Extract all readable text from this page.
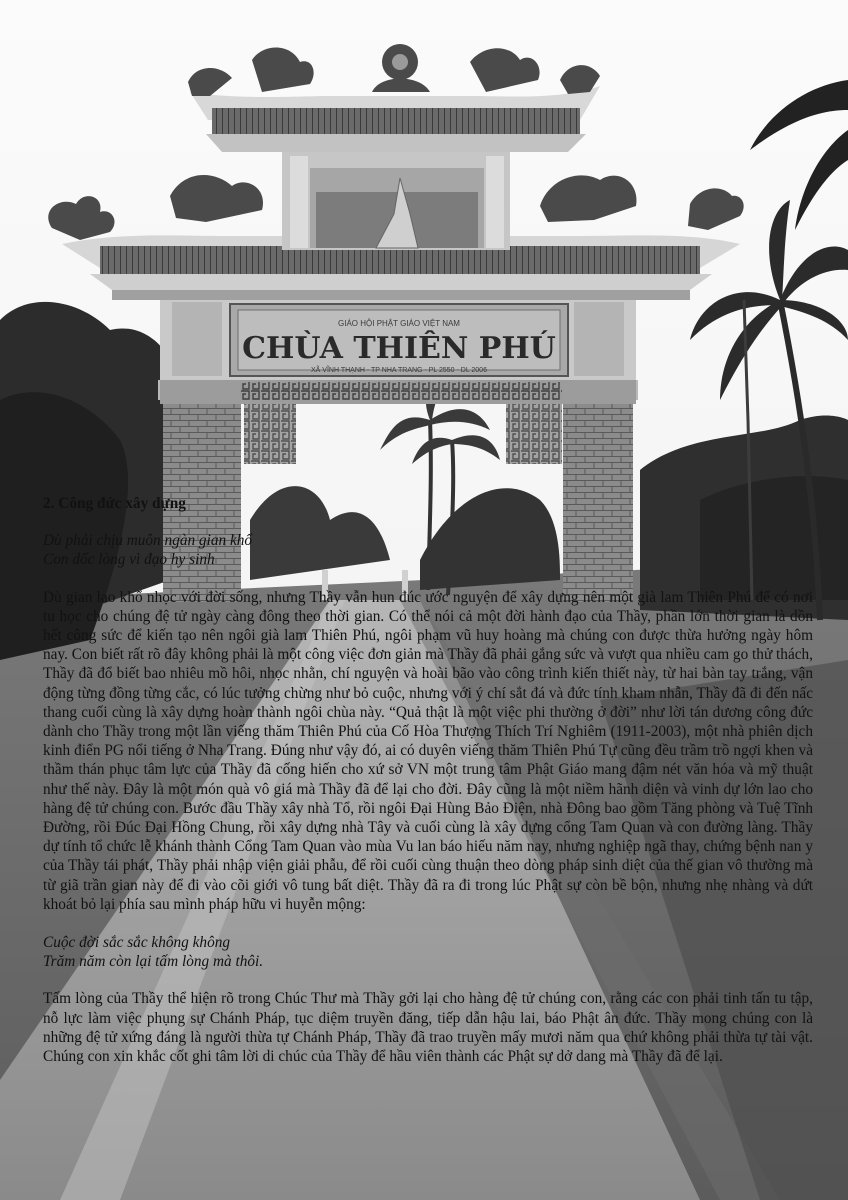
GIÁO HỘI PHẬT GIÁO VIỆT NAM
CHÙA THIÊN PHÚ
XÃ VĨNH THẠNH - TP NHA TRANG - PL 2550 - DL 2006
2. Công đức xây dựng
Dù phải chịu muôn ngàn gian khổ
Con dốc lòng vì đạo hy sinh

Dù gian lao khổ nhọc với đời sống, nhưng Thầy vẫn hun đúc ước nguyện để xây dựng nên một già lam Thiên Phú để có nơi tu học cho chúng đệ tử ngày càng đông theo thời gian. Có thể nói cả một đời hành đạo của Thầy, phần lớn thời gian là dồn hết công sức để kiến tạo nên ngôi già lam Thiên Phú, ngôi phạm vũ huy hoàng mà chúng con được thừa hưởng ngày hôm nay. Con biết rất rõ đây không phải là một công việc đơn giản mà Thầy đã phải gắng sức và vượt qua nhiều cam go thử thách, Thầy đã đổ biết bao nhiêu mồ hôi, nhọc nhằn, chí nguyện và hoài bão vào công trình kiến thiết này, từ hai bàn tay trắng, vận động từng đồng từng cắc, có lúc tưởng chừng như bỏ cuộc, nhưng với ý chí sắt đá và đức tính kham nhẫn, Thầy đã đi đến nấc thang cuối cùng là xây dựng hoàn thành ngôi chùa này. “Quả thật là một việc phi thường ở đời” như lời tán dương công đức dành cho Thầy trong một lần viếng thăm Thiên Phú của Cố Hòa Thượng Thích Trí Nghiêm (1911-2003), một nhà phiên dịch kinh điển PG nổi tiếng ở Nha Trang. Đúng như vậy đó, ai có duyên viếng thăm Thiên Phú Tự cũng đều trầm trồ ngợi khen và thầm thán phục tâm lực của Thầy đã cống hiến cho xứ sở VN một trung tâm Phật Giáo mang đậm nét văn hóa và mỹ thuật như thế này. Đây là một món quà vô giá mà Thầy đã để lại cho đời. Đây cũng là một niềm hãnh diện và vinh dự lớn lao cho hàng đệ tử chúng con. Bước đầu Thầy xây nhà Tổ, rồi ngôi Đại Hùng Bảo Điện, nhà Đông bao gồm Tăng phòng và Tuệ Tĩnh Đường, rồi Đúc Đại Hồng Chung, rồi xây dựng nhà Tây và cuối cùng là xây dựng cổng Tam Quan và con đường làng. Thầy dự tính tổ chức lễ khánh thành Cổng Tam Quan vào mùa Vu lan báo hiếu năm nay, nhưng nghiệp ngã thay, chứng bệnh nan y của Thầy tái phát, Thầy phải nhập viện giải phẫu, để rồi cuối cùng thuận theo dòng pháp sinh diệt của thế gian vô thường mà từ giã trần gian này để đi vào cõi giới vô tung bất diệt. Thầy đã ra đi trong lúc Phật sự còn bề bộn, nhưng nhẹ nhàng và dứt khoát bỏ lại phía sau mình pháp hữu vi huyễn mộng:

Cuộc đời sắc sắc không không
Trăm năm còn lại tấm lòng mà thôi.

Tấm lòng của Thầy thể hiện rõ trong Chúc Thư mà Thầy gởi lại cho hàng đệ tử chúng con, rằng các con phải tinh tấn tu tập, nỗ lực làm việc phụng sự Chánh Pháp, tục diệm truyền đăng, tiếp dẫn hậu lai, báo Phật ân đức. Thầy mong chúng con là những đệ tử xứng đáng là người thừa tự Chánh Pháp, Thầy đã trao truyền mấy mươi năm qua chứ không phải thừa tự tài vật. Chúng con xin khắc cốt ghi tâm lời di chúc của Thầy để hầu viên thành các Phật sự dở dang mà Thầy đã để lại.
